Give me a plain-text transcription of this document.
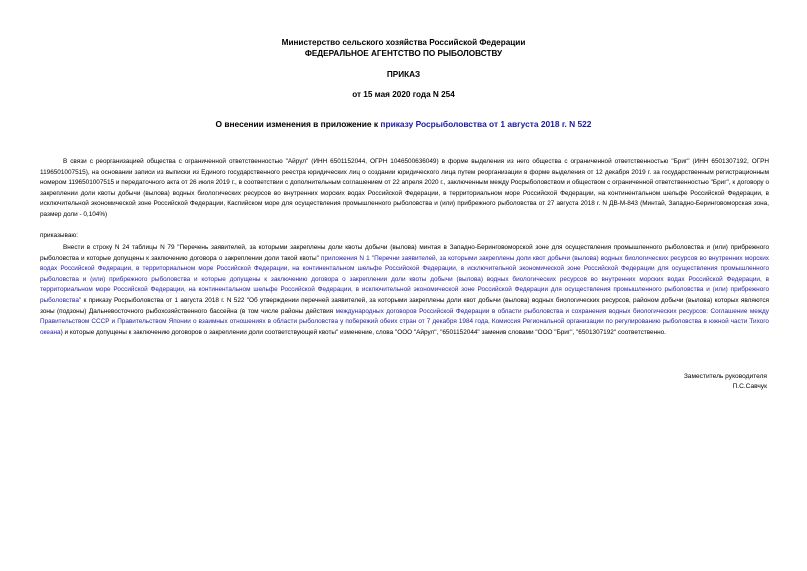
Министерство сельского хозяйства Российской Федерации
ФЕДЕРАЛЬНОЕ АГЕНТСТВО ПО РЫБОЛОВСТВУ
ПРИКАЗ
от 15 мая 2020 года N 254
О внесении изменения в приложение к приказу Росрыболовства от 1 августа 2018 г. N 522

В связи с реорганизацией общества с ограниченной ответственностью "Айрул" (ИНН 6501152044, ОГРН 1046500636049) в форме выделения из него общества с ограниченной ответственностью "Бриг" (ИНН 6501307192, ОГРН 1196501007515), на основании записи из выписки из Единого государственного реестра юридических лиц о создании юридического лица путем реорганизации в форме выделения от 12 декабря 2019 г. за государственным регистрационным номером 1196501007515 и передаточного акта от 26 июля 2019 г., в соответствии с дополнительным соглашением от 22 апреля 2020 г., заключенным между Росрыболовством и обществом с ограниченной ответственностью "Бриг", к договору о закреплении доли квоты добычи (вылова) водных биологических ресурсов во внутренних морских водах Российской Федерации, в территориальном море Российской Федерации, на континентальном шельфе Российской Федерации, в исключительной экономической зоне Российской Федерации, Каспийском море для осуществления промышленного рыболовства и (или) прибрежного рыболовства от 27 августа 2018 г. N ДВ-М-843 (Минтай, Западно-Беринговоморская зона, размер доли - 0,104%)

приказываю:

Внести в строку N 24 таблицы N 79 "Перечень заявителей, за которыми закреплены доли квоты добычи (вылова) минтая в Западно-Беринговоморской зоне для осуществления промышленного рыболовства и (или) прибрежного рыболовства и которые допущены к заключению договора о закреплении доли такой квоты" приложения N 1 "Перечни заявителей, за которыми закреплены доли квот добычи (вылова) водных биологических ресурсов во внутренних морских водах Российской Федерации, в территориальном море Российской Федерации, на континентальном шельфе Российской Федерации, в исключительной экономической зоне Российской Федерации для осуществления промышленного рыболовства и (или) прибрежного рыболовства и которые допущены к заключению договора о закреплении доли квоты добычи (вылова) водных биологических ресурсов во внутренних морских водах Российской Федерации, в территориальном море Российской Федерации, на континентальном шельфе Российской Федерации, в исключительной экономической зоне Российской Федерации для осуществления промышленного рыболовства и (или) прибрежного рыболовства" к приказу Росрыболовства от 1 августа 2018 г. N 522 "Об утверждении перечней заявителей, за которыми закреплены доли квот добычи (вылова) водных биологических ресурсов, районом добычи (вылова) которых являются зоны (подзоны) Дальневосточного рыбохозяйственного бассейна (в том числе районы действия международных договоров Российской Федерации в области рыболовства и сохранения водных биологических ресурсов: Соглашение между Правительством СССР и Правительством Японии о взаимных отношениях в области рыболовства у побережий обеих стран от 7 декабря 1984 года, Комиссия Региональной организации по регулированию рыболовства в южной части Тихого океана) и которые допущены к заключению договоров о закреплении доли соответствующей квоты" изменение, слова "ООО "Айрул", "6501152044" заменив словами "ООО "Бриг", "6501307192" соответственно.

Заместитель руководителя
П.С.Савчук
